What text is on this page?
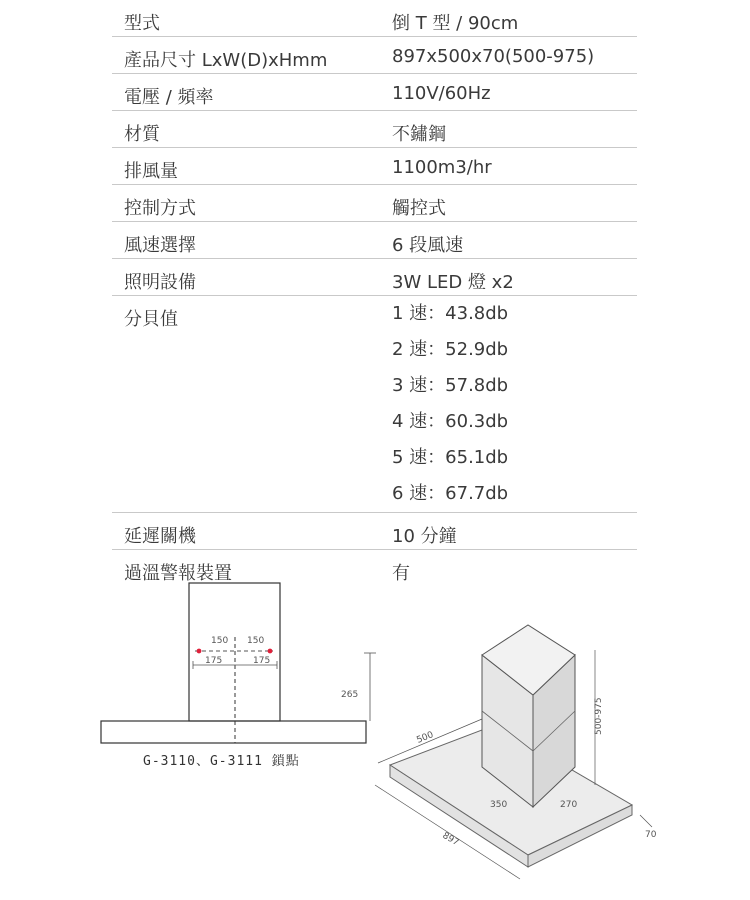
型式	倒 T 型 / 90cm
產品尺寸 LxW(D)xHmm	897x500x70(500-975)
電壓 / 頻率	110V/60Hz
材質	不鏽鋼
排風量	1100m3/hr
控制方式	觸控式
風速選擇	6 段風速
照明設備	3W LED 燈 x2
分貝值	1 速：43.8db
2 速：52.9db
3 速：57.8db
4 速：60.3db
5 速：65.1db
6 速：67.7db
延遲關機	10 分鐘
過溫警報裝置	有
150 150
175	175
265
G-3110、G-3111 鎖點
500-975
500
350	270
897	70
